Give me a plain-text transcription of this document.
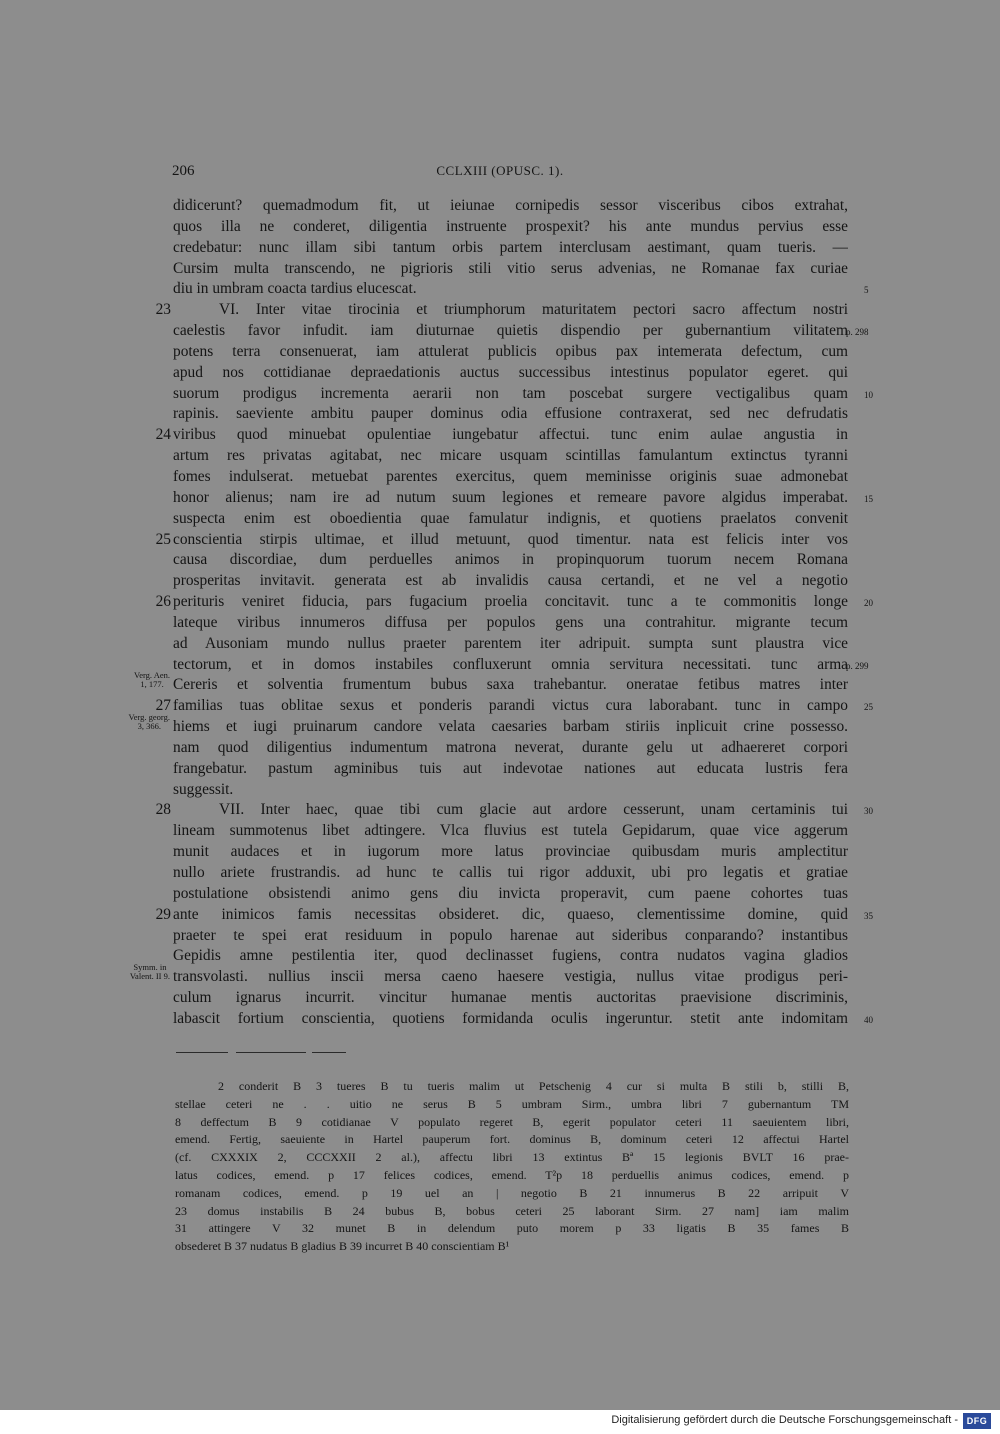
206	CCLXIII (OPUSC. 1).
didicerunt? quemadmodum fit, ut ieiunae cornipedis sessor visceribus cibos extrahat,
quos illa ne conderet, diligentia instruente prospexit? his ante mundus pervius esse
credebatur: nunc illam sibi tantum orbis partem interclusam aestimant, quam tueris. —
Cursim multa transcendo, ne pigrioris stili vitio serus advenias, ne Romanae fax curiae
diu in umbram coacta tardius elucescat.	5
VI. Inter vitae tirocinia et triumphorum maturitatem pectori sacro affectum nostri
23
caelestis favor infudit. iam diuturnae quietis dispendio per gubernantium vilitatem
p. 298
potens terra consenuerat, iam attulerat publicis opibus pax intemerata defectum, cum
apud nos cottidianae depraedationis auctus successibus intestinus populator egeret. qui
suorum prodigus incrementa aerarii non tam poscebat surgere vectigalibus quam 10
rapinis. saeviente ambitu pauper dominus odia effusione contraxerat, sed nec defrudatis
viribus quod minuebat opulentiae iungebatur affectui. tunc enim aulae angustia in
24
artum res privatas agitabat, nec micare usquam scintillas famulantum extinctus tyranni
fomes indulserat. metuebat parentes exercitus, quem meminisse originis suae admonebat
honor alienus; nam ire ad nutum suum legiones et remeare pavore algidus imperabat. 15
suspecta enim est oboedientia quae famulatur indignis, et quotiens praelatos convenit
conscientia stirpis ultimae, et illud metuunt, quod timentur. nata est felicis inter vos
25
causa discordiae, dum perduelles animos in propinquorum tuorum necem Romana
prosperitas invitavit. generata est ab invalidis causa certandi, et ne vel a negotio
perituris veniret fiducia, pars fugacium proelia concitavit. tunc a te commonitis longe
26	20
lateque viribus innumeros diffusa per populos gens una contrahitur. migrante tecum
ad Ausoniam mundo nullus praeter parentem iter adripuit. sumpta sunt plaustra vice
tectorum, et in domos instabiles confluxerunt omnia servitura necessitati. tunc arma
p. 299
Cereris et solventia frumentum bubus saxa trahebantur. oneratae fetibus matres inter
Verg. Aen.
1, 177.
familias tuas oblitae sexus et ponderis parandi victus cura laborabant. tunc in campo
27	25
hiems et iugi pruinarum candore velata caesaries barbam stiriis inplicuit crine possesso.
Verg. georg.
3, 366.
nam quod diligentius indumentum matrona neverat, durante gelu ut adhaereret corpori
frangebatur. pastum agminibus tuis aut indevotae nationes aut educata lustris fera
suggessit.
VII. Inter haec, quae tibi cum glacie aut ardore cesserunt, unam certaminis tui
28	30
lineam summotenus libet adtingere. Vlca fluvius est tutela Gepidarum, quae vice aggerum
munit audaces et in iugorum more latus provinciae quibusdam muris amplectitur
nullo ariete frustrandis. ad hunc te callis tui rigor adduxit, ubi pro legatis et gratiae
postulatione obsistendi animo gens diu invicta properavit, cum paene cohortes tuas
ante inimicos famis necessitas obsideret. dic, quaeso, clementissime domine, quid
29	35
praeter te spei erat residuum in populo harenae aut sideribus conparando? instantibus
Gepidis amne pestilentia iter, quod declinasset fugiens, contra nudatos vagina gladios
transvolasti. nullius inscii mersa caeno haesere vestigia, nullus vitae prodigus peri-
Symm. in
Valent. II 9.
culum ignarus incurrit. vincitur humanae mentis auctoritas praevisione discriminis,
labascit fortium conscientia, quotiens formidanda oculis ingeruntur. stetit ante indomitam 40
2 conderit B 3 tueres B tu tueris malim ut Petschenig 4 cur si multa B stili b, stilli B,
stellae ceteri ne . . uitio ne serus B 5 umbram Sirm., umbra libri 7 gubernantum TM
8 deffectum B 9 cotidianae V populato regeret B, egerit populator ceteri 11 saeuientem libri,
emend. Fertig, saeuiente in Hartel pauperum fort. dominus B, dominum ceteri 12 affectui Hartel
(cf. CXXXIX 2, CCCXXII 2 al.), affectu libri 13 extintus Bª 15 legionis BVLT 16 prae-
latus codices, emend. p 17 felices codices, emend. T²p 18 perduellis animus codices, emend. p
romanam codices, emend. p 19 uel an | negotio B 21 innumerus B 22 arripuit V
23 domus instabilis B 24 bubus B, bobus ceteri 25 laborant Sirm. 27 nam] iam malim
31 attingere V 32 munet B in delendum puto morem p 33 ligatis B 35 fames B
obsederet B 37 nudatus B gladius B 39 incurret B 40 conscientiam B¹
Digitalisierung gefördert durch die Deutsche Forschungsgemeinschaft - DFG
